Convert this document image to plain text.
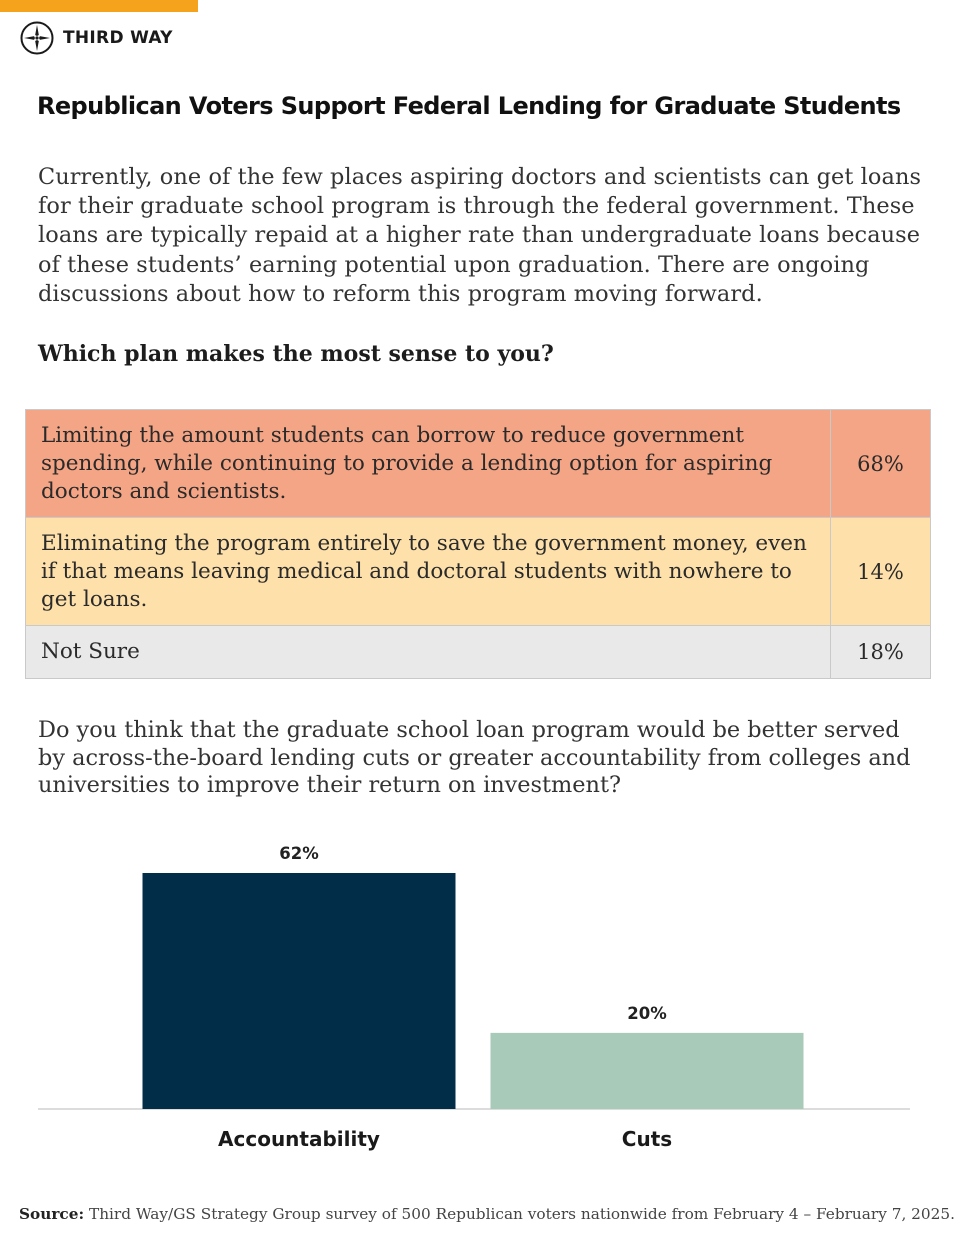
THIRD WAY
Republican Voters Support Federal Lending for Graduate Students

Currently, one of the few places aspiring doctors and scientists can get loans for their graduate school program is through the federal government. These loans are typically repaid at a higher rate than undergraduate loans because of these students’ earning potential upon graduation. There are ongoing discussions about how to reform this program moving forward.

Which plan makes the most sense to you?
Limiting the amount students can borrow to reduce government spending, while continuing to provide a lending option for aspiring doctors and scientists.
68%
Eliminating the program entirely to save the government money, even if that means leaving medical and doctoral students with nowhere to get loans.
14%
Not Sure	18%

Do you think that the graduate school loan program would be better served by across-the-board lending cuts or greater accountability from colleges and universities to improve their return on investment?

62%
20%
Accountability	Cuts

Source: Third Way/GS Strategy Group survey of 500 Republican voters nationwide from February 4 – February 7, 2025.
